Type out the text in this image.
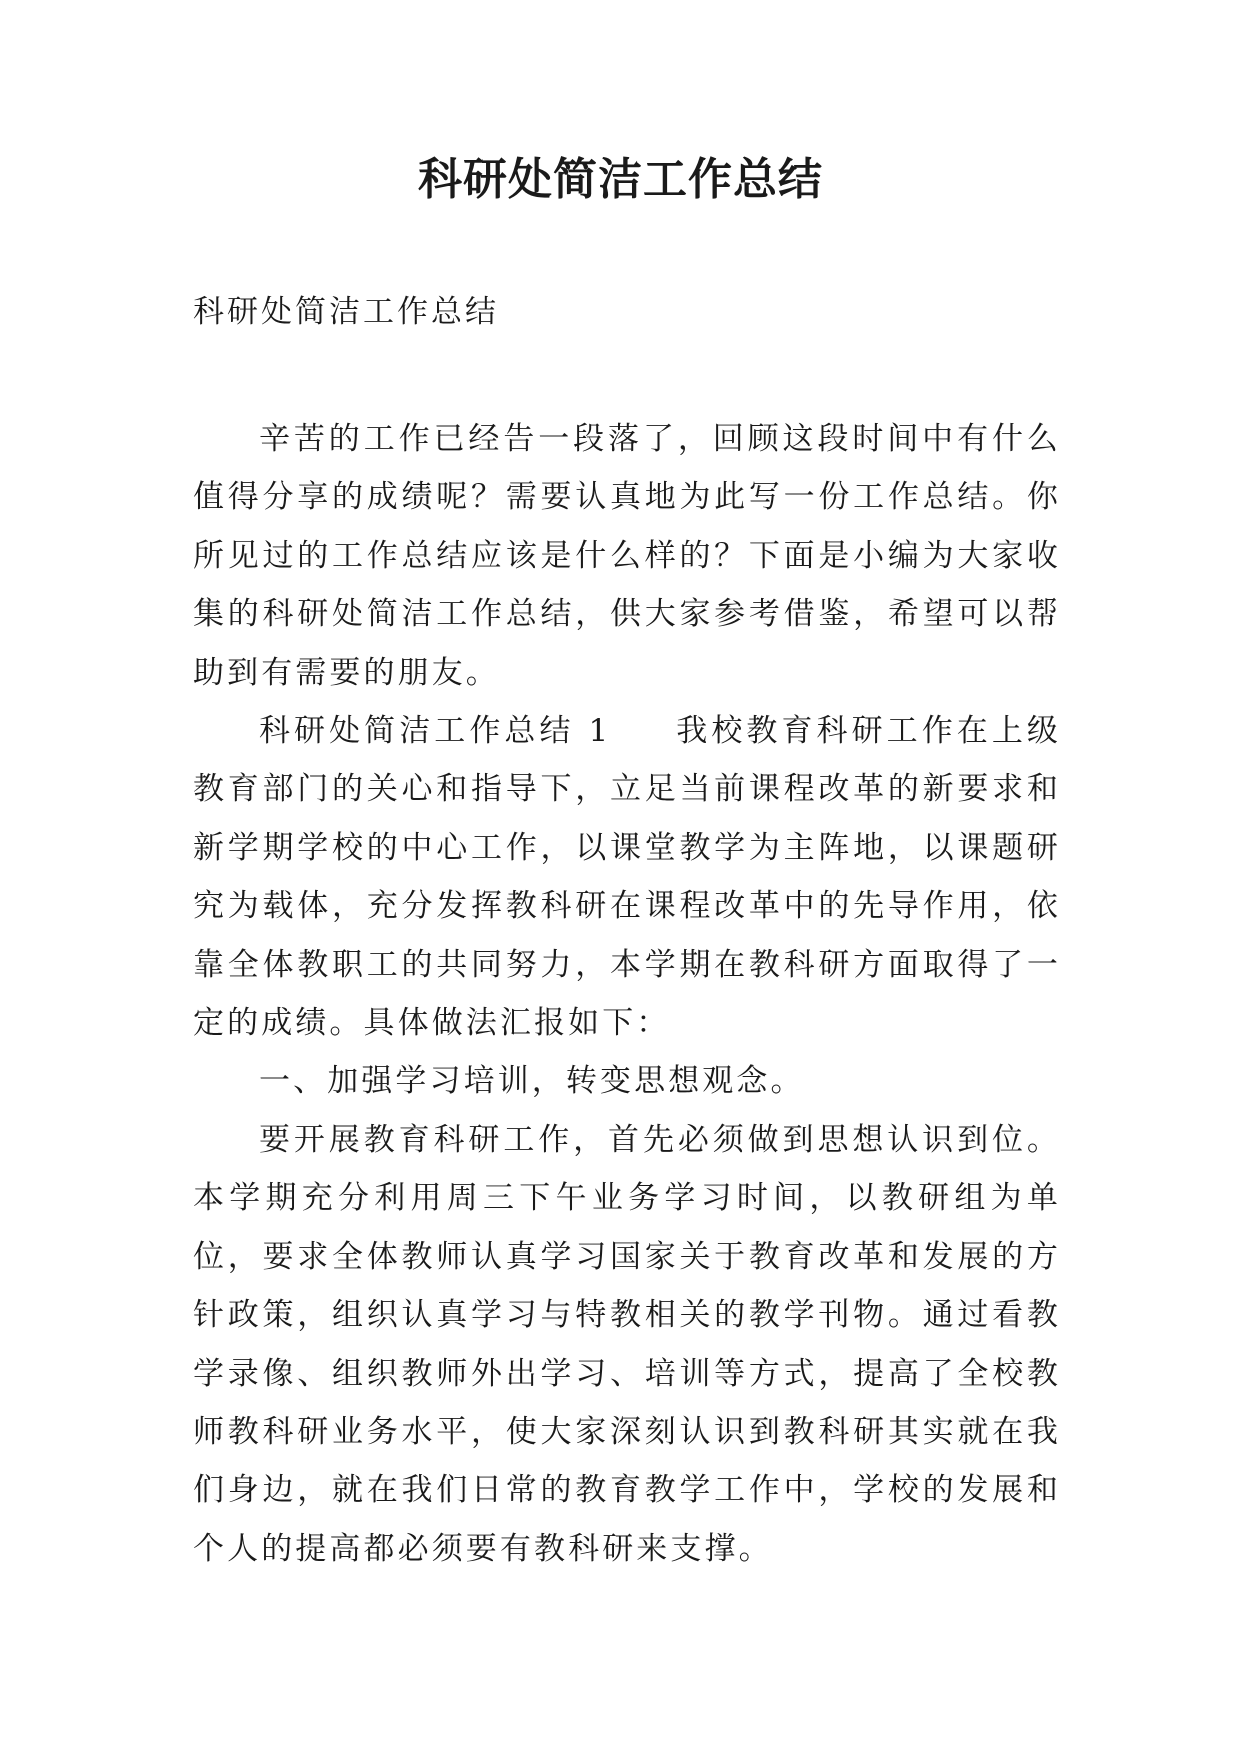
科研处简洁工作总结

科研处简洁工作总结

辛苦的工作已经告一段落了，回顾这段时间中有什么值得分享的成绩呢？需要认真地为此写一份工作总结。你所见过的工作总结应该是什么样的？下面是小编为大家收集的科研处简洁工作总结，供大家参考借鉴，希望可以帮助到有需要的朋友。

科研处简洁工作总结 1 我校教育科研工作在上级教育部门的关心和指导下，立足当前课程改革的新要求和新学期学校的中心工作，以课堂教学为主阵地，以课题研究为载体，充分发挥教科研在课程改革中的先导作用，依靠全体教职工的共同努力，本学期在教科研方面取得了一定的成绩。具体做法汇报如下：

一、加强学习培训，转变思想观念。

要开展教育科研工作，首先必须做到思想认识到位。本学期充分利用周三下午业务学习时间，以教研组为单位，要求全体教师认真学习国家关于教育改革和发展的方针政策，组织认真学习与特教相关的教学刊物。通过看教学录像、组织教师外出学习、培训等方式，提高了全校教师教科研业务水平，使大家深刻认识到教科研其实就在我们身边，就在我们日常的教育教学工作中，学校的发展和个人的提高都必须要有教科研来支撑。
